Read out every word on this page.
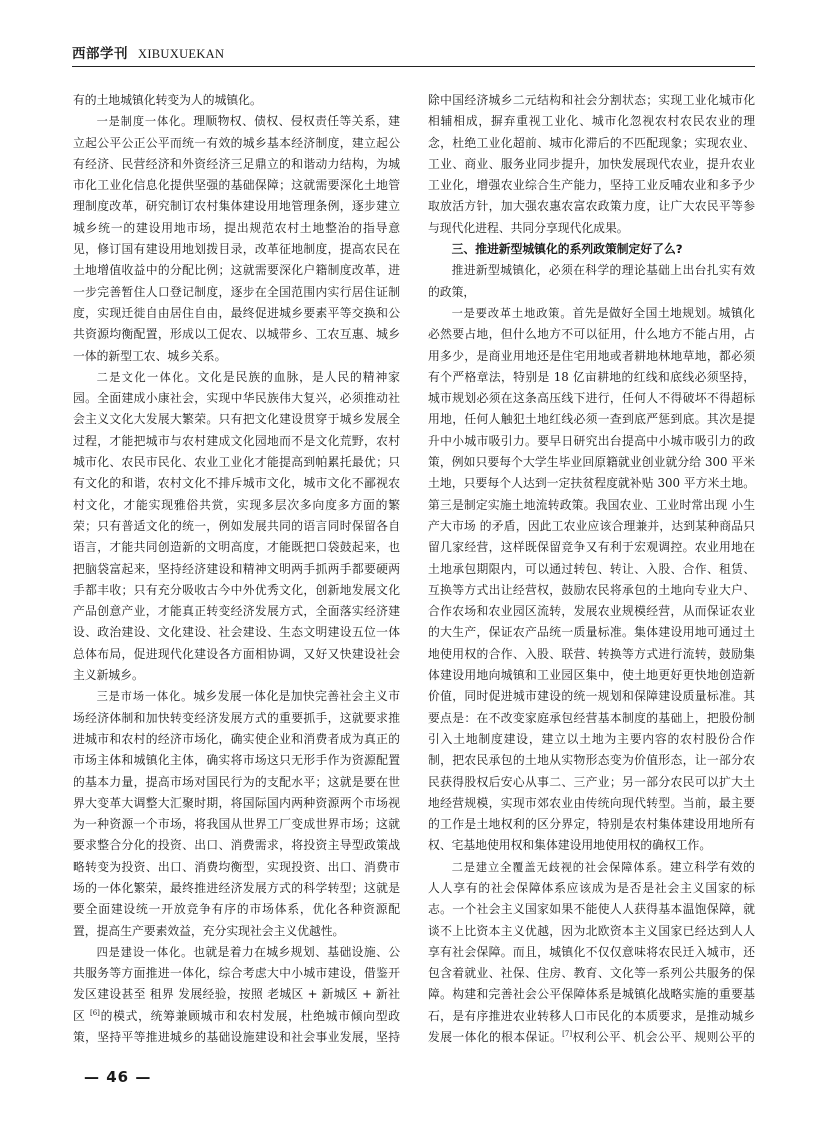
西部学刊 XIBUXUEKAN

有的土地城镇化转变为人的城镇化。

一是制度一体化。理顺物权、债权、侵权责任等关系，建立起公平公正公平而统一有效的城乡基本经济制度，建立起公有经济、民营经济和外资经济三足鼎立的和谐动力结构，为城市化工业化信息化提供坚强的基础保障；这就需要深化土地管理制度改革，研究制订农村集体建设用地管理条例，逐步建立城乡统一的建设用地市场，提出规范农村土地整治的指导意见，修订国有建设用地划拨目录，改革征地制度，提高农民在土地增值收益中的分配比例；这就需要深化户籍制度改革，进一步完善暂住人口登记制度，逐步在全国范围内实行居住证制度，实现迁徙自由居住自由，最终促进城乡要素平等交换和公共资源均衡配置，形成以工促农、以城带乡、工农互惠、城乡一体的新型工农、城乡关系。

二是文化一体化。文化是民族的血脉，是人民的精神家园。全面建成小康社会，实现中华民族伟大复兴，必须推动社会主义文化大发展大繁荣。只有把文化建设贯穿于城乡发展全过程，才能把城市与农村建成文化园地而不是文化荒野，农村城市化、农民市民化、农业工业化才能提高到帕累托最优；只有文化的和谐，农村文化不排斥城市文化，城市文化不鄙视农村文化，才能实现雅俗共赏，实现多层次多向度多方面的繁荣；只有普适文化的统一，例如发展共同的语言同时保留各自语言，才能共同创造新的文明高度，才能既把口袋鼓起来，也把脑袋富起来，坚持经济建设和精神文明两手抓两手都要硬两手都丰收；只有充分吸收古今中外优秀文化，创新地发展文化产品创意产业，才能真正转变经济发展方式，全面落实经济建设、政治建设、文化建设、社会建设、生态文明建设五位一体总体布局，促进现代化建设各方面相协调，又好又快建设社会主义新城乡。

三是市场一体化。城乡发展一体化是加快完善社会主义市场经济体制和加快转变经济发展方式的重要抓手，这就要求推进城市和农村的经济市场化，确实使企业和消费者成为真正的市场主体和城镇化主体，确实将市场这只无形手作为资源配置的基本力量，提高市场对国民行为的支配水平；这就是要在世界大变革大调整大汇聚时期，将国际国内两种资源两个市场视为一种资源一个市场，将我国从世界工厂变成世界市场；这就要求整合分化的投资、出口、消费需求，将投资主导型政策战略转变为投资、出口、消费均衡型，实现投资、出口、消费市场的一体化繁荣，最终推进经济发展方式的科学转型；这就是要全面建设统一开放竞争有序的市场体系，优化各种资源配置，提高生产要素效益，充分实现社会主义优越性。

四是建设一体化。也就是着力在城乡规划、基础设施、公共服务等方面推进一体化，综合考虑大中小城市建设，借鉴开发区建设甚至 租界 发展经验，按照 老城区 + 新城区 + 新社区 [6]的模式，统筹兼顾城市和农村发展，杜绝城市倾向型政策，坚持平等推进城乡的基础设施建设和社会事业发展，坚持

除中国经济城乡二元结构和社会分割状态；实现工业化城市化相辅相成，摒弃重视工业化、城市化忽视农村农民农业的理念，杜绝工业化超前、城市化滞后的不匹配现象；实现农业、工业、商业、服务业同步提升，加快发展现代农业，提升农业工业化，增强农业综合生产能力，坚持工业反哺农业和多予少取放活方针，加大强农惠农富农政策力度，让广大农民平等参与现代化进程、共同分享现代化成果。

三、推进新型城镇化的系列政策制定好了么?

推进新型城镇化，必须在科学的理论基础上出台扎实有效的政策，

一是要改革土地政策。首先是做好全国土地规划。城镇化必然要占地，但什么地方不可以征用，什么地方不能占用，占用多少，是商业用地还是住宅用地或者耕地林地草地，都必须有个严格章法，特别是 18 亿亩耕地的红线和底线必须坚持，城市规划必须在这条高压线下进行，任何人不得破坏不得超标用地，任何人触犯土地红线必须一查到底严惩到底。其次是提升中小城市吸引力。要早日研究出台提高中小城市吸引力的政策，例如只要每个大学生毕业回原籍就业创业就分给 300 平米土地，只要每个人达到一定扶贫程度就补贴 300 平方米土地。第三是制定实施土地流转政策。我国农业、工业时常出现 小生产大市场 的矛盾，因此工农业应该合理兼并，达到某种商品只留几家经营，这样既保留竞争又有利于宏观调控。农业用地在土地承包期限内，可以通过转包、转让、入股、合作、租赁、互换等方式出让经营权，鼓励农民将承包的土地向专业大户、合作农场和农业园区流转，发展农业规模经营，从而保证农业的大生产，保证农产品统一质量标准。集体建设用地可通过土地使用权的合作、入股、联营、转换等方式进行流转，鼓励集体建设用地向城镇和工业园区集中，使土地更好更快地创造新价值，同时促进城市建设的统一规划和保障建设质量标准。其要点是：在不改变家庭承包经营基本制度的基础上，把股份制引入土地制度建设，建立以土地为主要内容的农村股份合作制，把农民承包的土地从实物形态变为价值形态，让一部分农民获得股权后安心从事二、三产业；另一部分农民可以扩大土地经营规模，实现市郊农业由传统向现代转型。当前，最主要的工作是土地权利的区分界定，特别是农村集体建设用地所有权、宅基地使用权和集体建设用地使用权的确权工作。

二是建立全覆盖无歧视的社会保障体系。建立科学有效的人人享有的社会保障体系应该成为是否是社会主义国家的标志。一个社会主义国家如果不能使人人获得基本温饱保障，就谈不上比资本主义优越，因为北欧资本主义国家已经达到人人享有社会保障。而且，城镇化不仅仅意味将农民迁入城市，还包含着就业、社保、住房、教育、文化等一系列公共服务的保障。构建和完善社会公平保障体系是城镇化战略实施的重要基石，是有序推进农业转移人口市民化的本质要求，是推动城乡发展一体化的根本保证。[7]权利公平、机会公平、规则公平的

— 46 —
